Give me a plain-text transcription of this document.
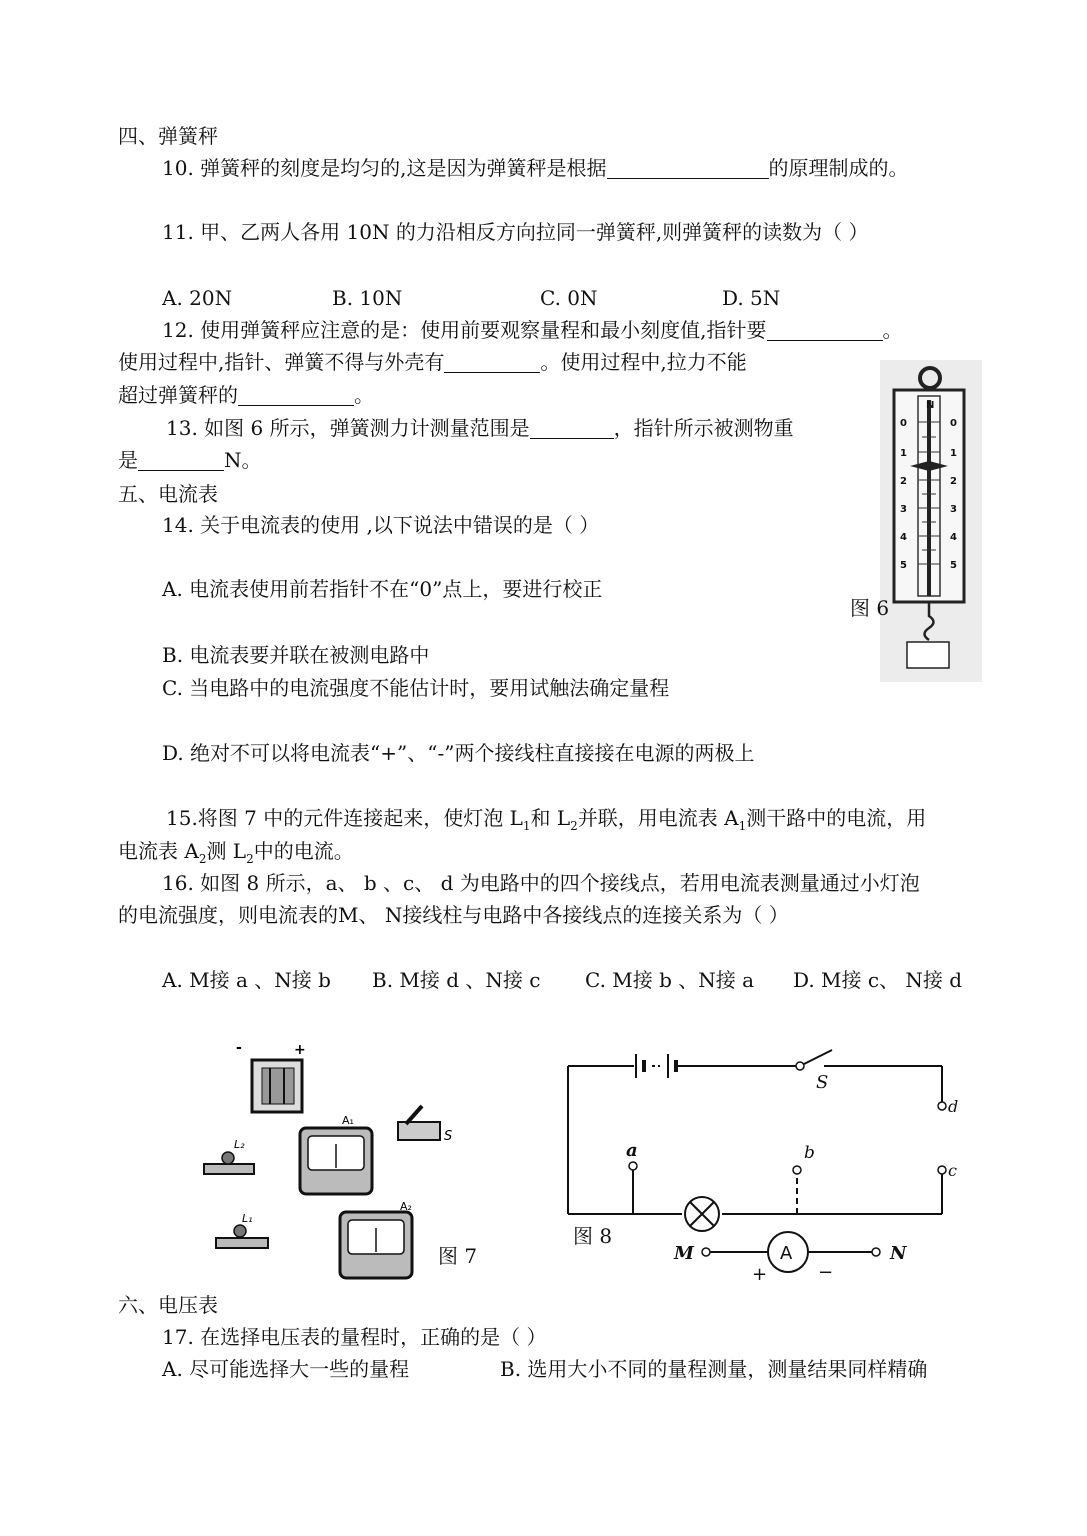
四、弹簧秤
10. 弹簧秤的刻度是均匀的,这是因为弹簧秤是根据	的原理制成的。
11. 甲、乙两人各用 10N 的力沿相反方向拉同一弹簧秤,则弹簧秤的读数为（ ）
A. 20N	B. 10N	C. 0N	D. 5N
12. 使用弹簧秤应注意的是：使用前要观察量程和最小刻度值,指针要	。
使用过程中,指针、弹簧不得与外壳有	。使用过程中,拉力不能
超过弹簧秤的	。
13. 如图 6 所示，弹簧测力计测量范围是	，指针所示被测物重
是	N。
五、电流表
14. 关于电流表的使用 ,以下说法中错误的是（ ）
A. 电流表使用前若指针不在“0”点上，要进行校正
B. 电流表要并联在被测电路中
C. 当电路中的电流强度不能估计时，要用试触法确定量程
D. 绝对不可以将电流表“+”、“-”两个接线柱直接接在电源的两极上
15.将图 7 中的元件连接起来，使灯泡 $L_1$和 $L_2$并联，用电流表 $A_1$测干路中的电流，用
电流表 $A_2$测 $L_2$中的电流。
16. 如图 8 所示，a、 b 、c、 d 为电路中的四个接线点，若用电流表测量通过小灯泡
的电流强度，则电流表的M、 N接线柱与电路中各接线点的连接关系为（ ）
A. M接 a 、N接 b B. M接 d 、N接 c C. M接 b 、N接 a D. M接 c、 N接 d
六、电压表
17. 在选择电压表的量程时，正确的是（ ）
A. 尽可能选择大一些的量程	B. 选用大小不同的量程测量，测量结果同样精确
N
0
1
2
3
4
5
0
1
2
3
4
5
图 6
-	+
A₁
S
L₂
L₁
A₂
图 7
S
d
a	b
c
M	N
A
+	−
图 8
